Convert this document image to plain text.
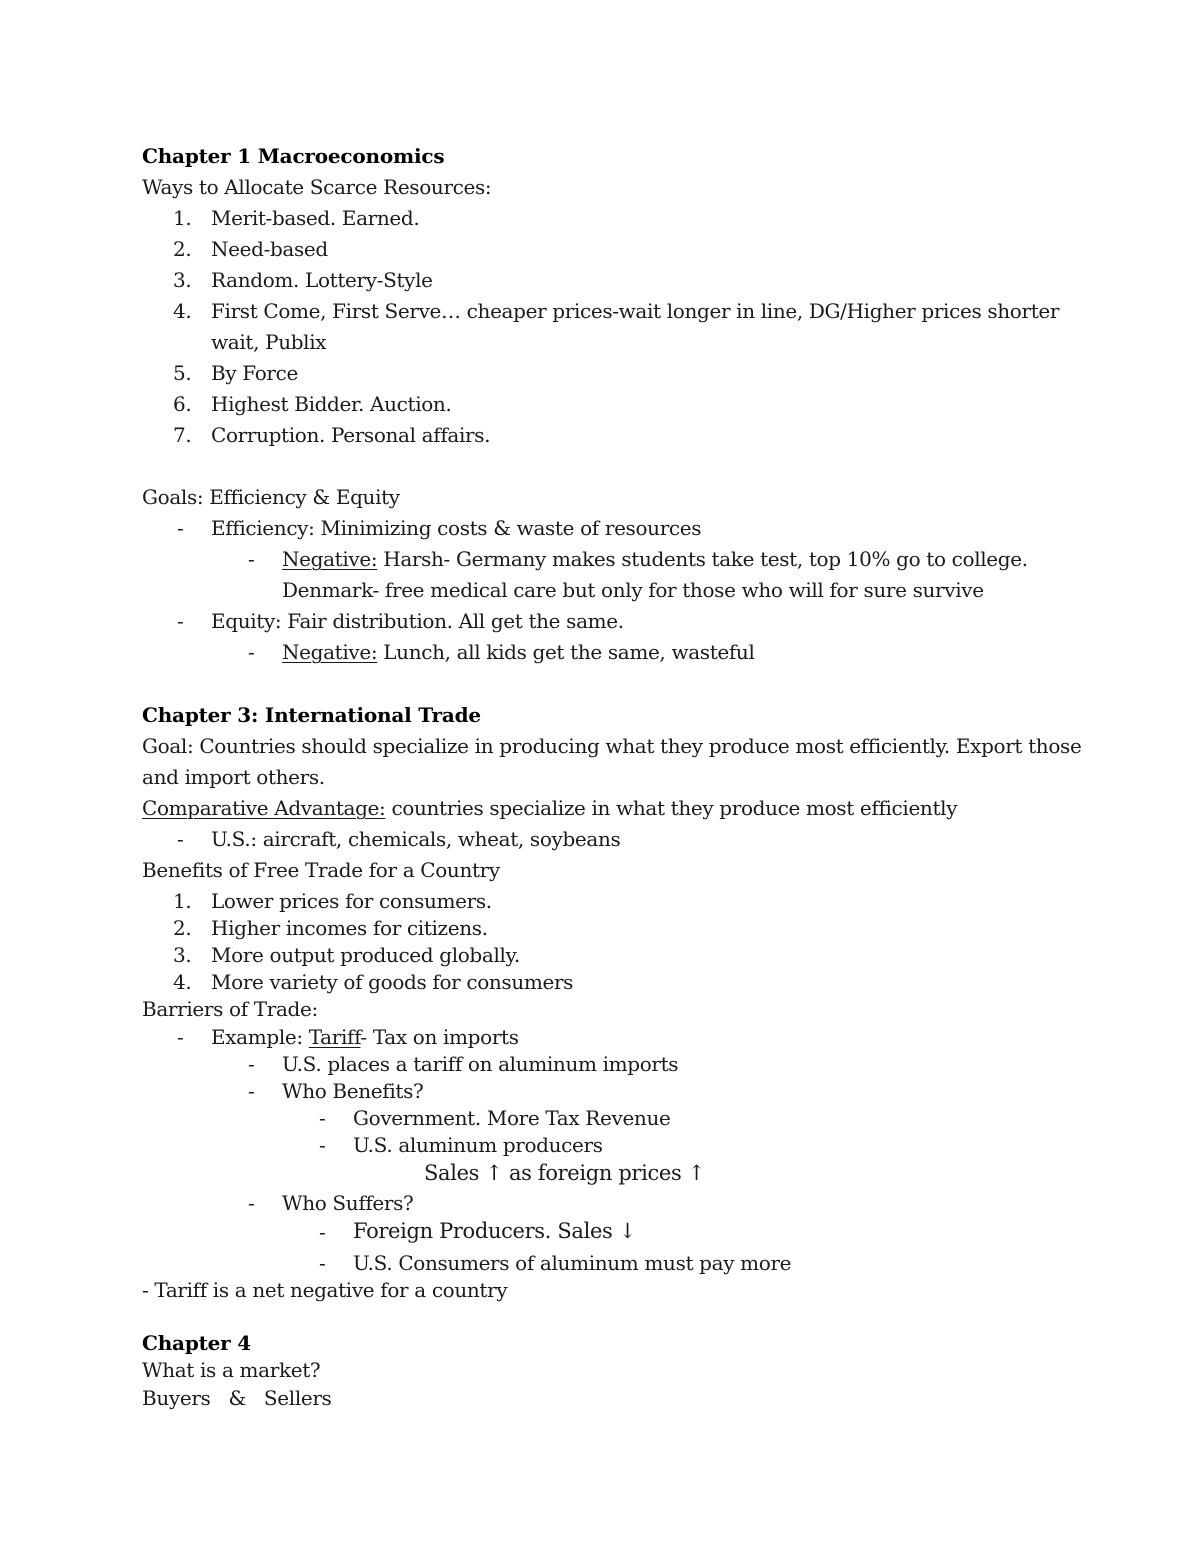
Chapter 1 Macroeconomics
Ways to Allocate Scarce Resources:
1. Merit-based. Earned.
2. Need-based
3. Random. Lottery-Style
4. First Come, First Serve… cheaper prices-wait longer in line, DG/Higher prices shorter
wait, Publix
5. By Force
6. Highest Bidder. Auction.
7. Corruption. Personal affairs.
Goals: Efficiency & Equity
- Efficiency: Minimizing costs & waste of resources
- Negative: Harsh- Germany makes students take test, top 10% go to college.
Denmark- free medical care but only for those who will for sure survive
- Equity: Fair distribution. All get the same.
- Negative: Lunch, all kids get the same, wasteful
Chapter 3: International Trade
Goal: Countries should specialize in producing what they produce most efficiently. Export those
and import others.
Comparative Advantage: countries specialize in what they produce most efficiently
- U.S.: aircraft, chemicals, wheat, soybeans
Benefits of Free Trade for a Country
1. Lower prices for consumers.
2. Higher incomes for citizens.
3. More output produced globally.
4. More variety of goods for consumers
Barriers of Trade:
- Example: Tariff- Tax on imports
- U.S. places a tariff on aluminum imports
- Who Benefits?
- Government. More Tax Revenue
- U.S. aluminum producers
Sales ↑ as foreign prices ↑
- Who Suffers?
- Foreign Producers. Sales ↓
- U.S. Consumers of aluminum must pay more
- Tariff is a net negative for a country
Chapter 4
What is a market?
Buyers   &   Sellers
